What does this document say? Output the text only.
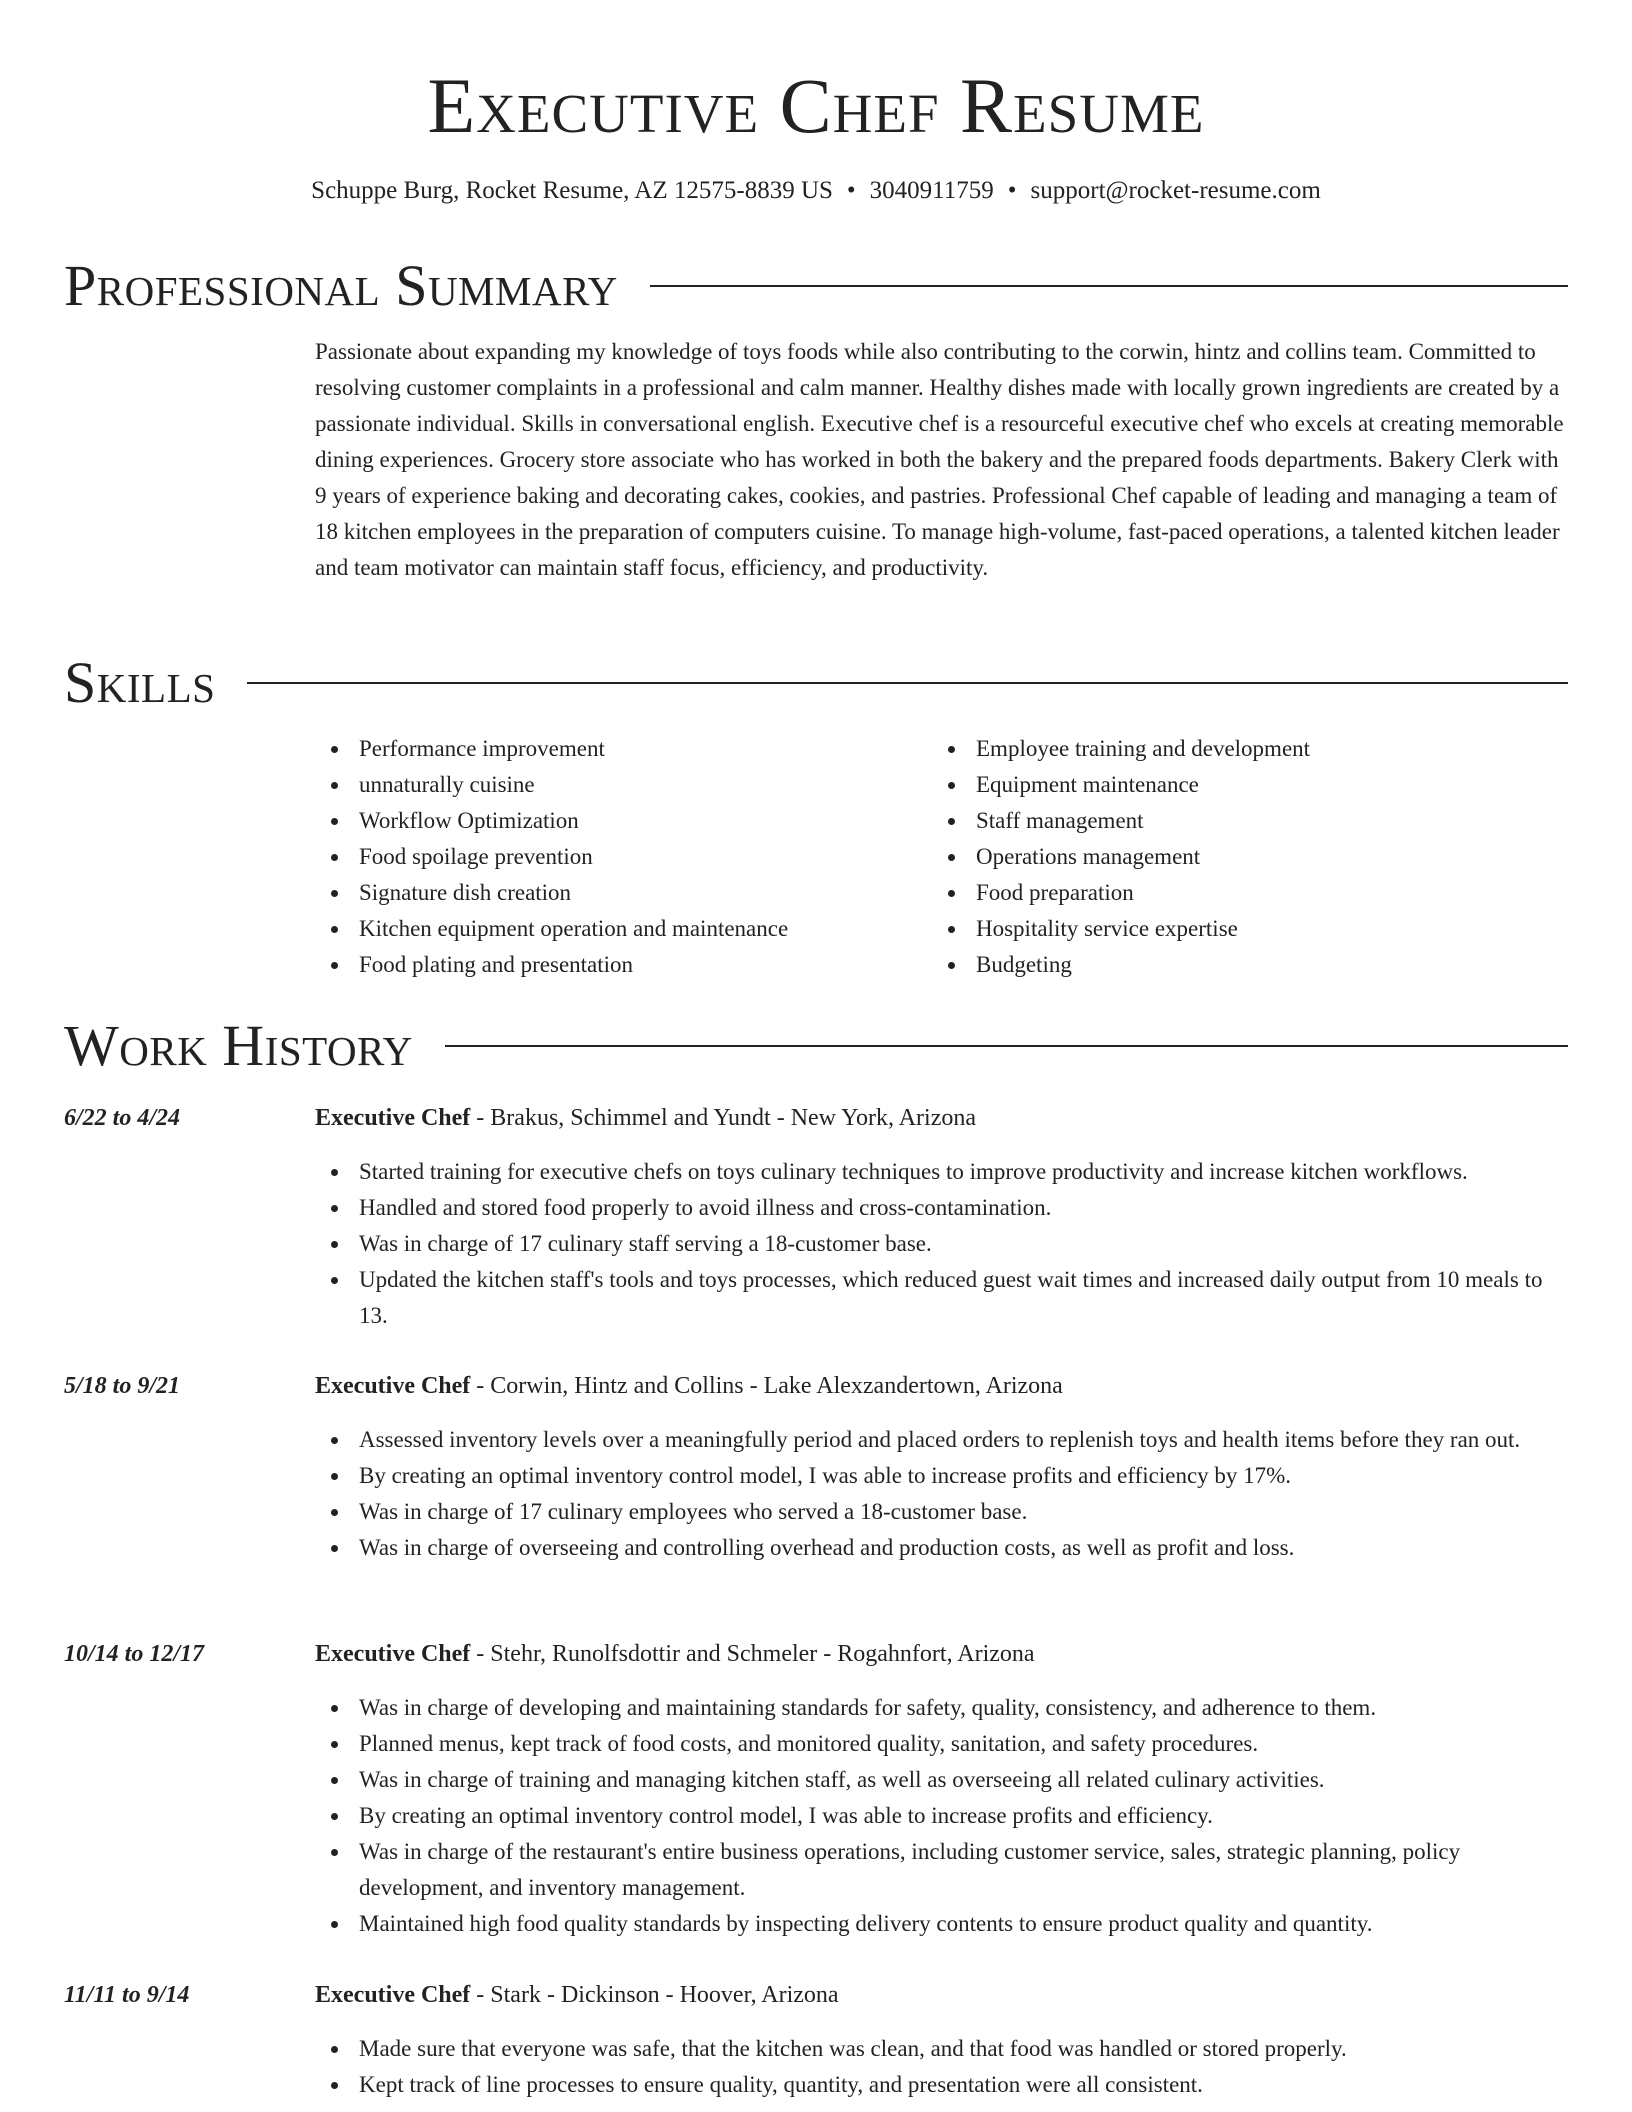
Executive Chef Resume
Schuppe Burg, Rocket Resume, AZ 12575-8839 US • 3040911759 • support@rocket-resume.com
Professional Summary
Passionate about expanding my knowledge of toys foods while also contributing to the corwin, hintz and collins team. Committed to resolving customer complaints in a professional and calm manner. Healthy dishes made with locally grown ingredients are created by a passionate individual. Skills in conversational english. Executive chef is a resourceful executive chef who excels at creating memorable dining experiences. Grocery store associate who has worked in both the bakery and the prepared foods departments. Bakery Clerk with 9 years of experience baking and decorating cakes, cookies, and pastries. Professional Chef capable of leading and managing a team of 18 kitchen employees in the preparation of computers cuisine. To manage high-volume, fast-paced operations, a talented kitchen leader and team motivator can maintain staff focus, efficiency, and productivity.
Skills
Performance improvement
unnaturally cuisine
Workflow Optimization
Food spoilage prevention
Signature dish creation
Kitchen equipment operation and maintenance
Food plating and presentation
Employee training and development
Equipment maintenance
Staff management
Operations management
Food preparation
Hospitality service expertise
Budgeting
Work History
6/22 to 4/24	Executive Chef - Brakus, Schimmel and Yundt - New York, Arizona
Started training for executive chefs on toys culinary techniques to improve productivity and increase kitchen workflows.
Handled and stored food properly to avoid illness and cross-contamination.
Was in charge of 17 culinary staff serving a 18-customer base.
Updated the kitchen staff's tools and toys processes, which reduced guest wait times and increased daily output from 10 meals to 13.
5/18 to 9/21	Executive Chef - Corwin, Hintz and Collins - Lake Alexzandertown, Arizona
Assessed inventory levels over a meaningfully period and placed orders to replenish toys and health items before they ran out.
By creating an optimal inventory control model, I was able to increase profits and efficiency by 17%.
Was in charge of 17 culinary employees who served a 18-customer base.
Was in charge of overseeing and controlling overhead and production costs, as well as profit and loss.
10/14 to 12/17	Executive Chef - Stehr, Runolfsdottir and Schmeler - Rogahnfort, Arizona
Was in charge of developing and maintaining standards for safety, quality, consistency, and adherence to them.
Planned menus, kept track of food costs, and monitored quality, sanitation, and safety procedures.
Was in charge of training and managing kitchen staff, as well as overseeing all related culinary activities.
By creating an optimal inventory control model, I was able to increase profits and efficiency.
Was in charge of the restaurant's entire business operations, including customer service, sales, strategic planning, policy development, and inventory management.
Maintained high food quality standards by inspecting delivery contents to ensure product quality and quantity.
11/11 to 9/14	Executive Chef - Stark - Dickinson - Hoover, Arizona
Made sure that everyone was safe, that the kitchen was clean, and that food was handled or stored properly.
Kept track of line processes to ensure quality, quantity, and presentation were all consistent.
